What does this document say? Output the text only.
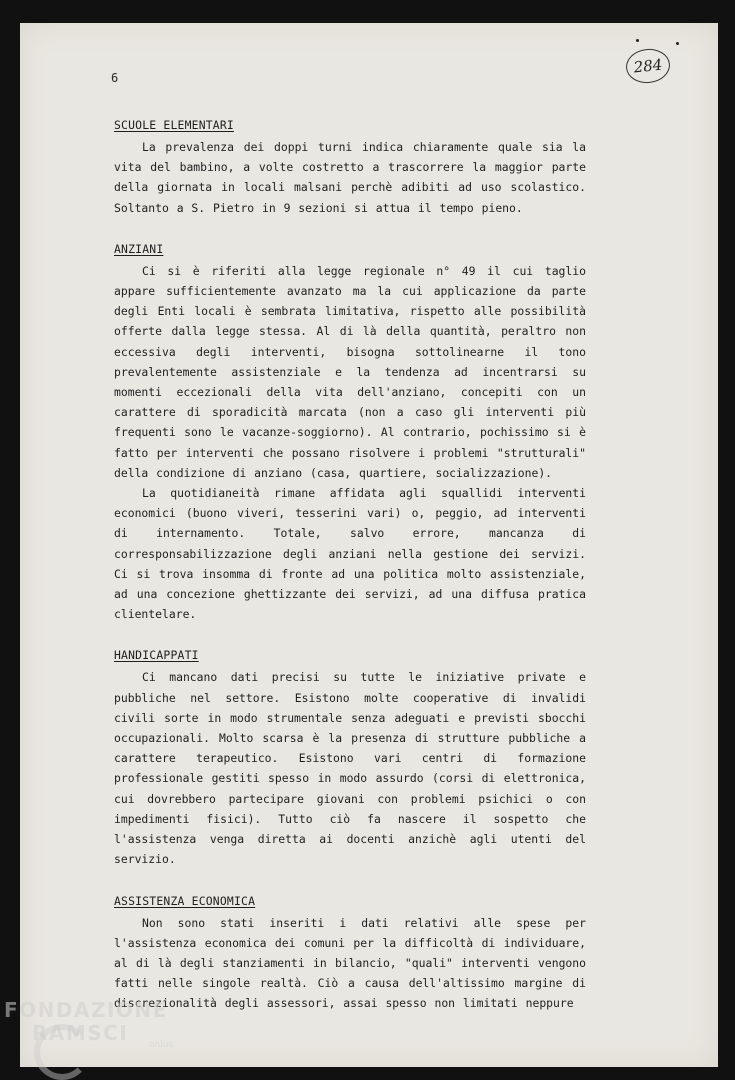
6
284
SCUOLE ELEMENTARI

La prevalenza dei doppi turni indica chiaramente quale sia la vita del bambino, a volte costretto a trascorrere la maggior parte della giornata in locali malsani perchè adibiti ad uso scolastico. Soltanto a S. Pietro in 9 sezioni si attua il tempo pieno.

ANZIANI

Ci si è riferiti alla legge regionale n° 49 il cui taglio appare sufficientemente avanzato ma la cui applicazione da parte degli Enti locali è sembrata limitativa, rispetto alle possibilità offerte dalla legge stessa. Al di là della quantità, peraltro non eccessiva degli interventi, bisogna sottolinearne il tono prevalentemente assistenziale e la tendenza ad incentrarsi su momenti eccezionali della vita dell'anziano, concepiti con un carattere di sporadicità marcata (non a caso gli interventi più frequenti sono le vacanze-soggiorno). Al contrario, pochissimo si è fatto per interventi che possano risolvere i problemi "strutturali" della condizione di anziano (casa, quartiere, socializzazione).

La quotidianeità rimane affidata agli squallidi interventi economici (buono viveri, tesserini vari) o, peggio, ad interventi di internamento. Totale, salvo errore, mancanza di corresponsabilizzazione degli anziani nella gestione dei servizi. Ci si trova insomma di fronte ad una politica molto assistenziale, ad una concezione ghettizzante dei servizi, ad una diffusa pratica clientelare.

HANDICAPPATI

Ci mancano dati precisi su tutte le iniziative private e pubbliche nel settore. Esistono molte cooperative di invalidi civili sorte in modo strumentale senza adeguati e previsti sbocchi occupazionali. Molto scarsa è la presenza di strutture pubbliche a carattere terapeutico. Esistono vari centri di formazione professionale gestiti spesso in modo assurdo (corsi di elettronica, cui dovrebbero partecipare giovani con problemi psichici o con impedimenti fisici). Tutto ciò fa nascere il sospetto che l'assistenza venga diretta ai docenti anzichè agli utenti del servizio.

ASSISTENZA ECONOMICA

Non sono stati inseriti i dati relativi alle spese per l'assistenza economica dei comuni per la difficoltà di individuare, al di là degli stanziamenti in bilancio, "quali" interventi vengono fatti nelle singole realtà. Ciò a causa dell'altissimo margine di discrezionalità degli assessori, assai spesso non limitati neppure

FONDAZIONE
RAMSCI	onlus
